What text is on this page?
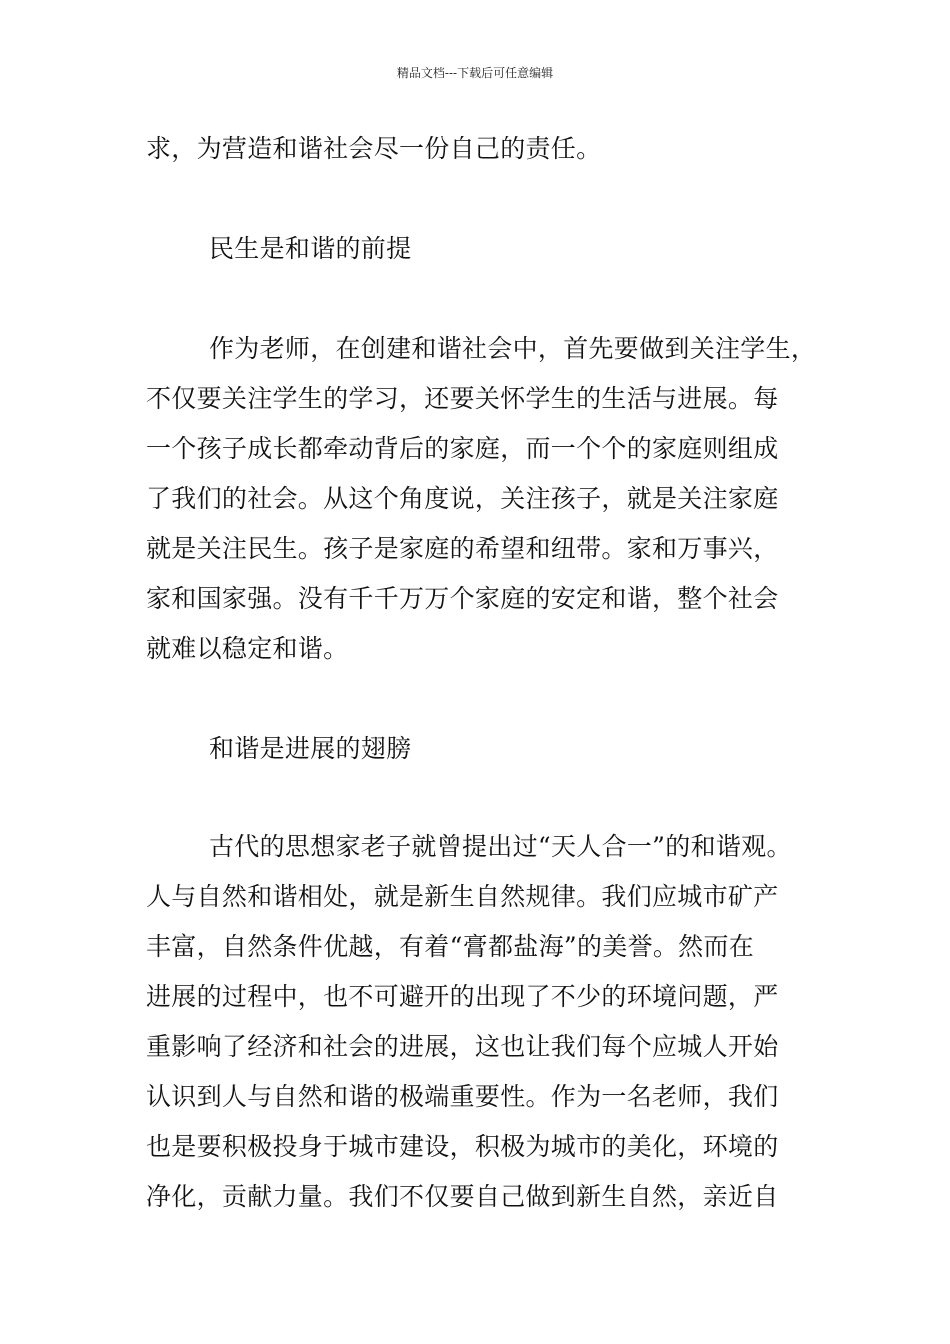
精品文档---下载后可任意编辑
求，为营造和谐社会尽一份自己的责任。
民生是和谐的前提
作为老师，在创建和谐社会中，首先要做到关注学生，
不仅要关注学生的学习，还要关怀学生的生活与进展。每
一个孩子成长都牵动背后的家庭，而一个个的家庭则组成
了我们的社会。从这个角度说，关注孩子，就是关注家庭
就是关注民生。孩子是家庭的希望和纽带。家和万事兴，
家和国家强。没有千千万万个家庭的安定和谐，整个社会
就难以稳定和谐。
和谐是进展的翅膀
古代的思想家老子就曾提出过“天人合一”的和谐观。
人与自然和谐相处，就是新生自然规律。我们应城市矿产
丰富，自然条件优越，有着“膏都盐海”的美誉。然而在
进展的过程中，也不可避开的出现了不少的环境问题，严
重影响了经济和社会的进展，这也让我们每个应城人开始
认识到人与自然和谐的极端重要性。作为一名老师，我们
也是要积极投身于城市建设，积极为城市的美化，环境的
净化，贡献力量。我们不仅要自己做到新生自然，亲近自
